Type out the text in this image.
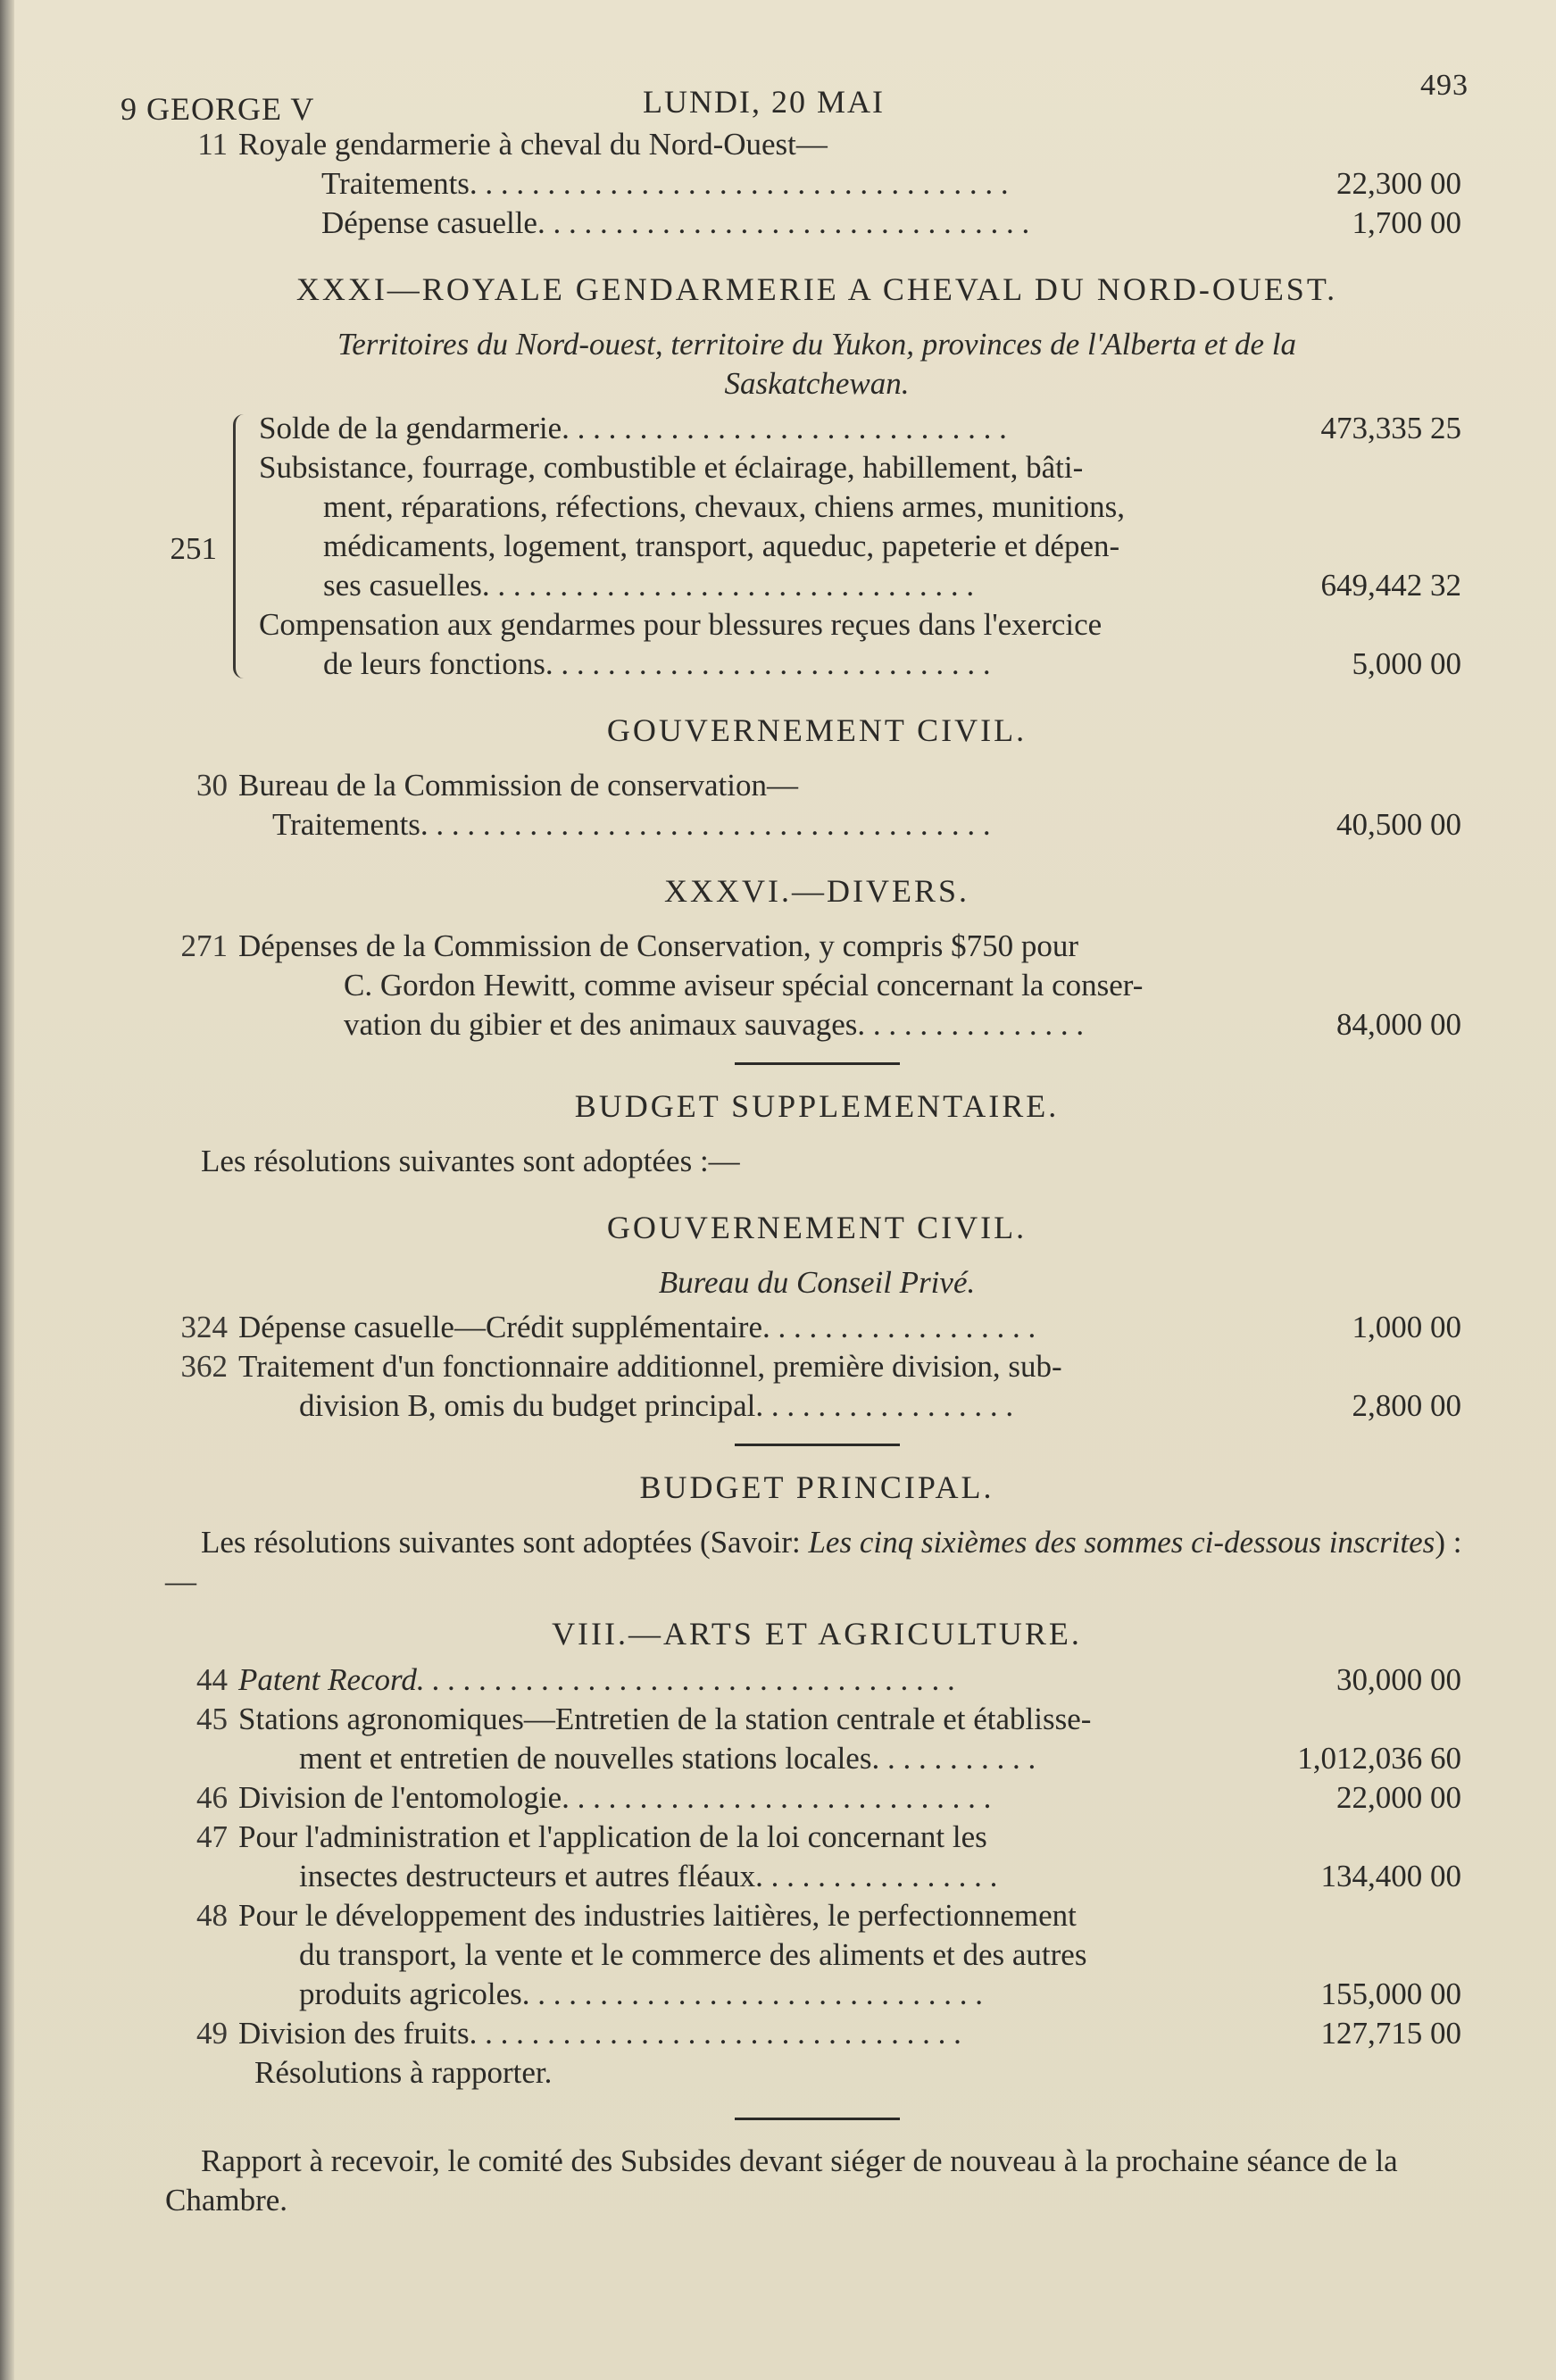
9 GEORGE V	LUNDI, 20 MAI	493
11 Royale gendarmerie à cheval du Nord-Ouest—
Traitements. . . . . . . . . . . . . . . . . . . . . . . . . . . . . . . . . . .	22,300 00
Dépense casuelle. . . . . . . . . . . . . . . . . . . . . . . . . . . . . . . .	1,700 00
XXXI—ROYALE GENDARMERIE A CHEVAL DU NORD-OUEST.
Territoires du Nord-ouest, territoire du Yukon, provinces de l'Alberta et de la
Saskatchewan.
251
Solde de la gendarmerie. . . . . . . . . . . . . . . . . . . . . . . . . . . . .	473,335 25
Subsistance, fourrage, combustible et éclairage, habillement, bâti-
ment, réparations, réfections, chevaux, chiens armes, munitions,
médicaments, logement, transport, aqueduc, papeterie et dépen-
ses casuelles. . . . . . . . . . . . . . . . . . . . . . . . . . . . . . . .	649,442 32
Compensation aux gendarmes pour blessures reçues dans l'exercice
de leurs fonctions. . . . . . . . . . . . . . . . . . . . . . . . . . . . .	5,000 00
GOUVERNEMENT CIVIL.
30 Bureau de la Commission de conservation—
Traitements. . . . . . . . . . . . . . . . . . . . . . . . . . . . . . . . . . . . .	40,500 00
XXXVI.—DIVERS.
271 Dépenses de la Commission de Conservation, y compris $750 pour
C. Gordon Hewitt, comme aviseur spécial concernant la conser-
vation du gibier et des animaux sauvages. . . . . . . . . . . . . . .	84,000 00
BUDGET SUPPLEMENTAIRE.
Les résolutions suivantes sont adoptées :—
GOUVERNEMENT CIVIL.
Bureau du Conseil Privé.
324 Dépense casuelle—Crédit supplémentaire. . . . . . . . . . . . . . . . . .	1,000 00
362 Traitement d'un fonctionnaire additionnel, première division, sub-
division B, omis du budget principal. . . . . . . . . . . . . . . . .	2,800 00
BUDGET PRINCIPAL.
Les résolutions suivantes sont adoptées (Savoir: Les cinq sixièmes des sommes ci-dessous inscrites) :—
VIII.—ARTS ET AGRICULTURE.
44 Patent Record. . . . . . . . . . . . . . . . . . . . . . . . . . . . . . . . . . .	30,000 00
45 Stations agronomiques—Entretien de la station centrale et établisse-
ment et entretien de nouvelles stations locales. . . . . . . . . . .	1,012,036 60
46 Division de l'entomologie. . . . . . . . . . . . . . . . . . . . . . . . . . . .	22,000 00
47 Pour l'administration et l'application de la loi concernant les
insectes destructeurs et autres fléaux. . . . . . . . . . . . . . . .	134,400 00
48 Pour le développement des industries laitières, le perfectionnement
du transport, la vente et le commerce des aliments et des autres
produits agricoles. . . . . . . . . . . . . . . . . . . . . . . . . . . . . .	155,000 00
49 Division des fruits. . . . . . . . . . . . . . . . . . . . . . . . . . . . . . . .	127,715 00
Résolutions à rapporter.
Rapport à recevoir, le comité des Subsides devant siéger de nouveau à la prochaine séance de la Chambre.
